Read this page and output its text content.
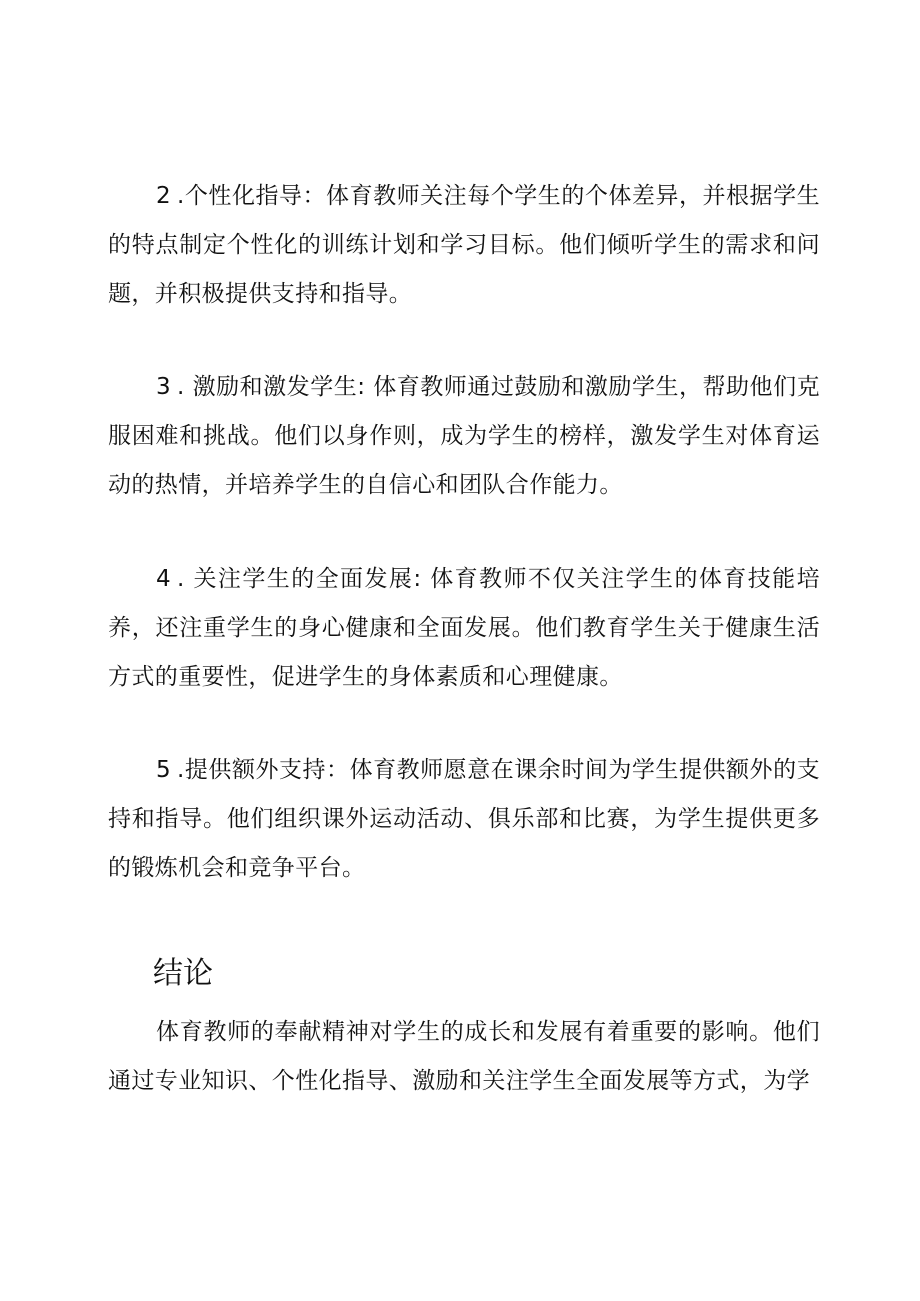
2 .个性化指导：体育教师关注每个学生的个体差异，并根据学生的特点制定个性化的训练计划和学习目标。他们倾听学生的需求和问题，并积极提供支持和指导。

3 . 激励和激发学生: 体育教师通过鼓励和激励学生，帮助他们克服困难和挑战。他们以身作则，成为学生的榜样，激发学生对体育运动的热情，并培养学生的自信心和团队合作能力。

4 . 关注学生的全面发展: 体育教师不仅关注学生的体育技能培养，还注重学生的身心健康和全面发展。他们教育学生关于健康生活方式的重要性，促进学生的身体素质和心理健康。

5 .提供额外支持：体育教师愿意在课余时间为学生提供额外的支持和指导。他们组织课外运动活动、俱乐部和比赛，为学生提供更多的锻炼机会和竞争平台。

结论

体育教师的奉献精神对学生的成长和发展有着重要的影响。他们通过专业知识、个性化指导、激励和关注学生全面发展等方式，为学
